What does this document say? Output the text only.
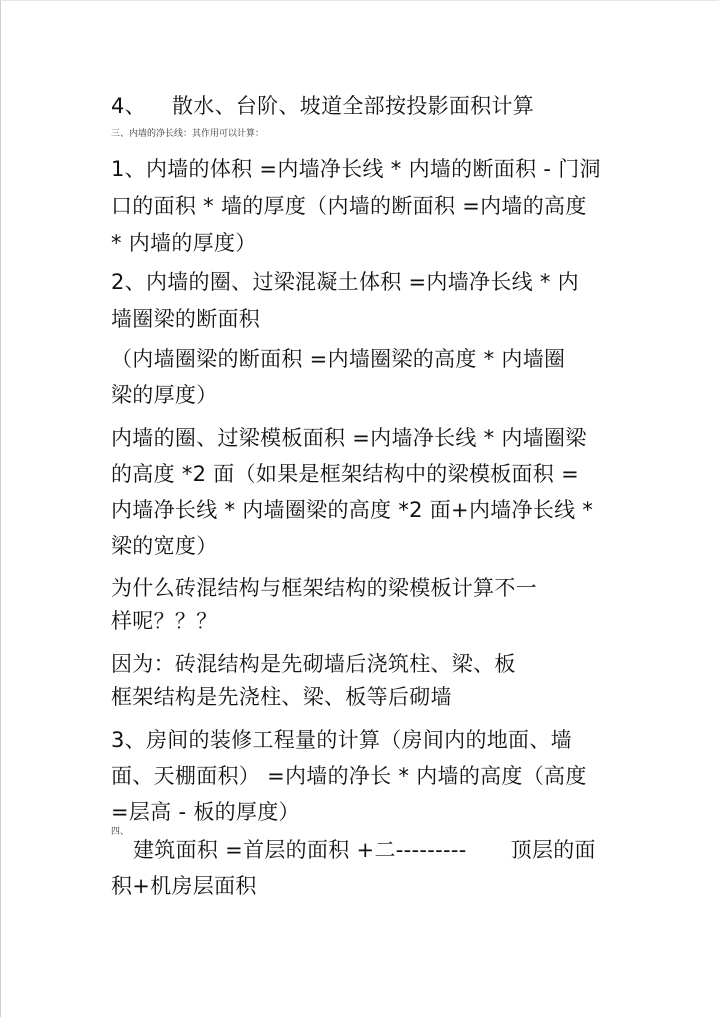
4、 散水、台阶、坡道全部按投影面积计算
三、内墙的净长线：其作用可以计算：
1、内墙的体积 =内墙净长线 * 内墙的断面积 - 门洞
口的面积 * 墙的厚度（内墙的断面积 =内墙的高度
* 内墙的厚度）
2、内墙的圈、过梁混凝土体积 =内墙净长线 * 内
墙圈梁的断面积
（内墙圈梁的断面积 =内墙圈梁的高度 * 内墙圈
梁的厚度）
内墙的圈、过梁模板面积 =内墙净长线 * 内墙圈梁
的高度 *2 面（如果是框架结构中的梁模板面积 =
内墙净长线 * 内墙圈梁的高度 *2 面+内墙净长线 *
梁的宽度）
为什么砖混结构与框架结构的梁模板计算不一
样呢？？？
因为：砖混结构是先砌墙后浇筑柱、梁、板
框架结构是先浇柱、梁、板等后砌墙
3、房间的装修工程量的计算（房间内的地面、墙
面、天棚面积） =内墙的净长 * 内墙的高度（高度
=层高 - 板的厚度）
四、
建筑面积 =首层的面积 +二--------- 顶层的面
积+机房层面积
